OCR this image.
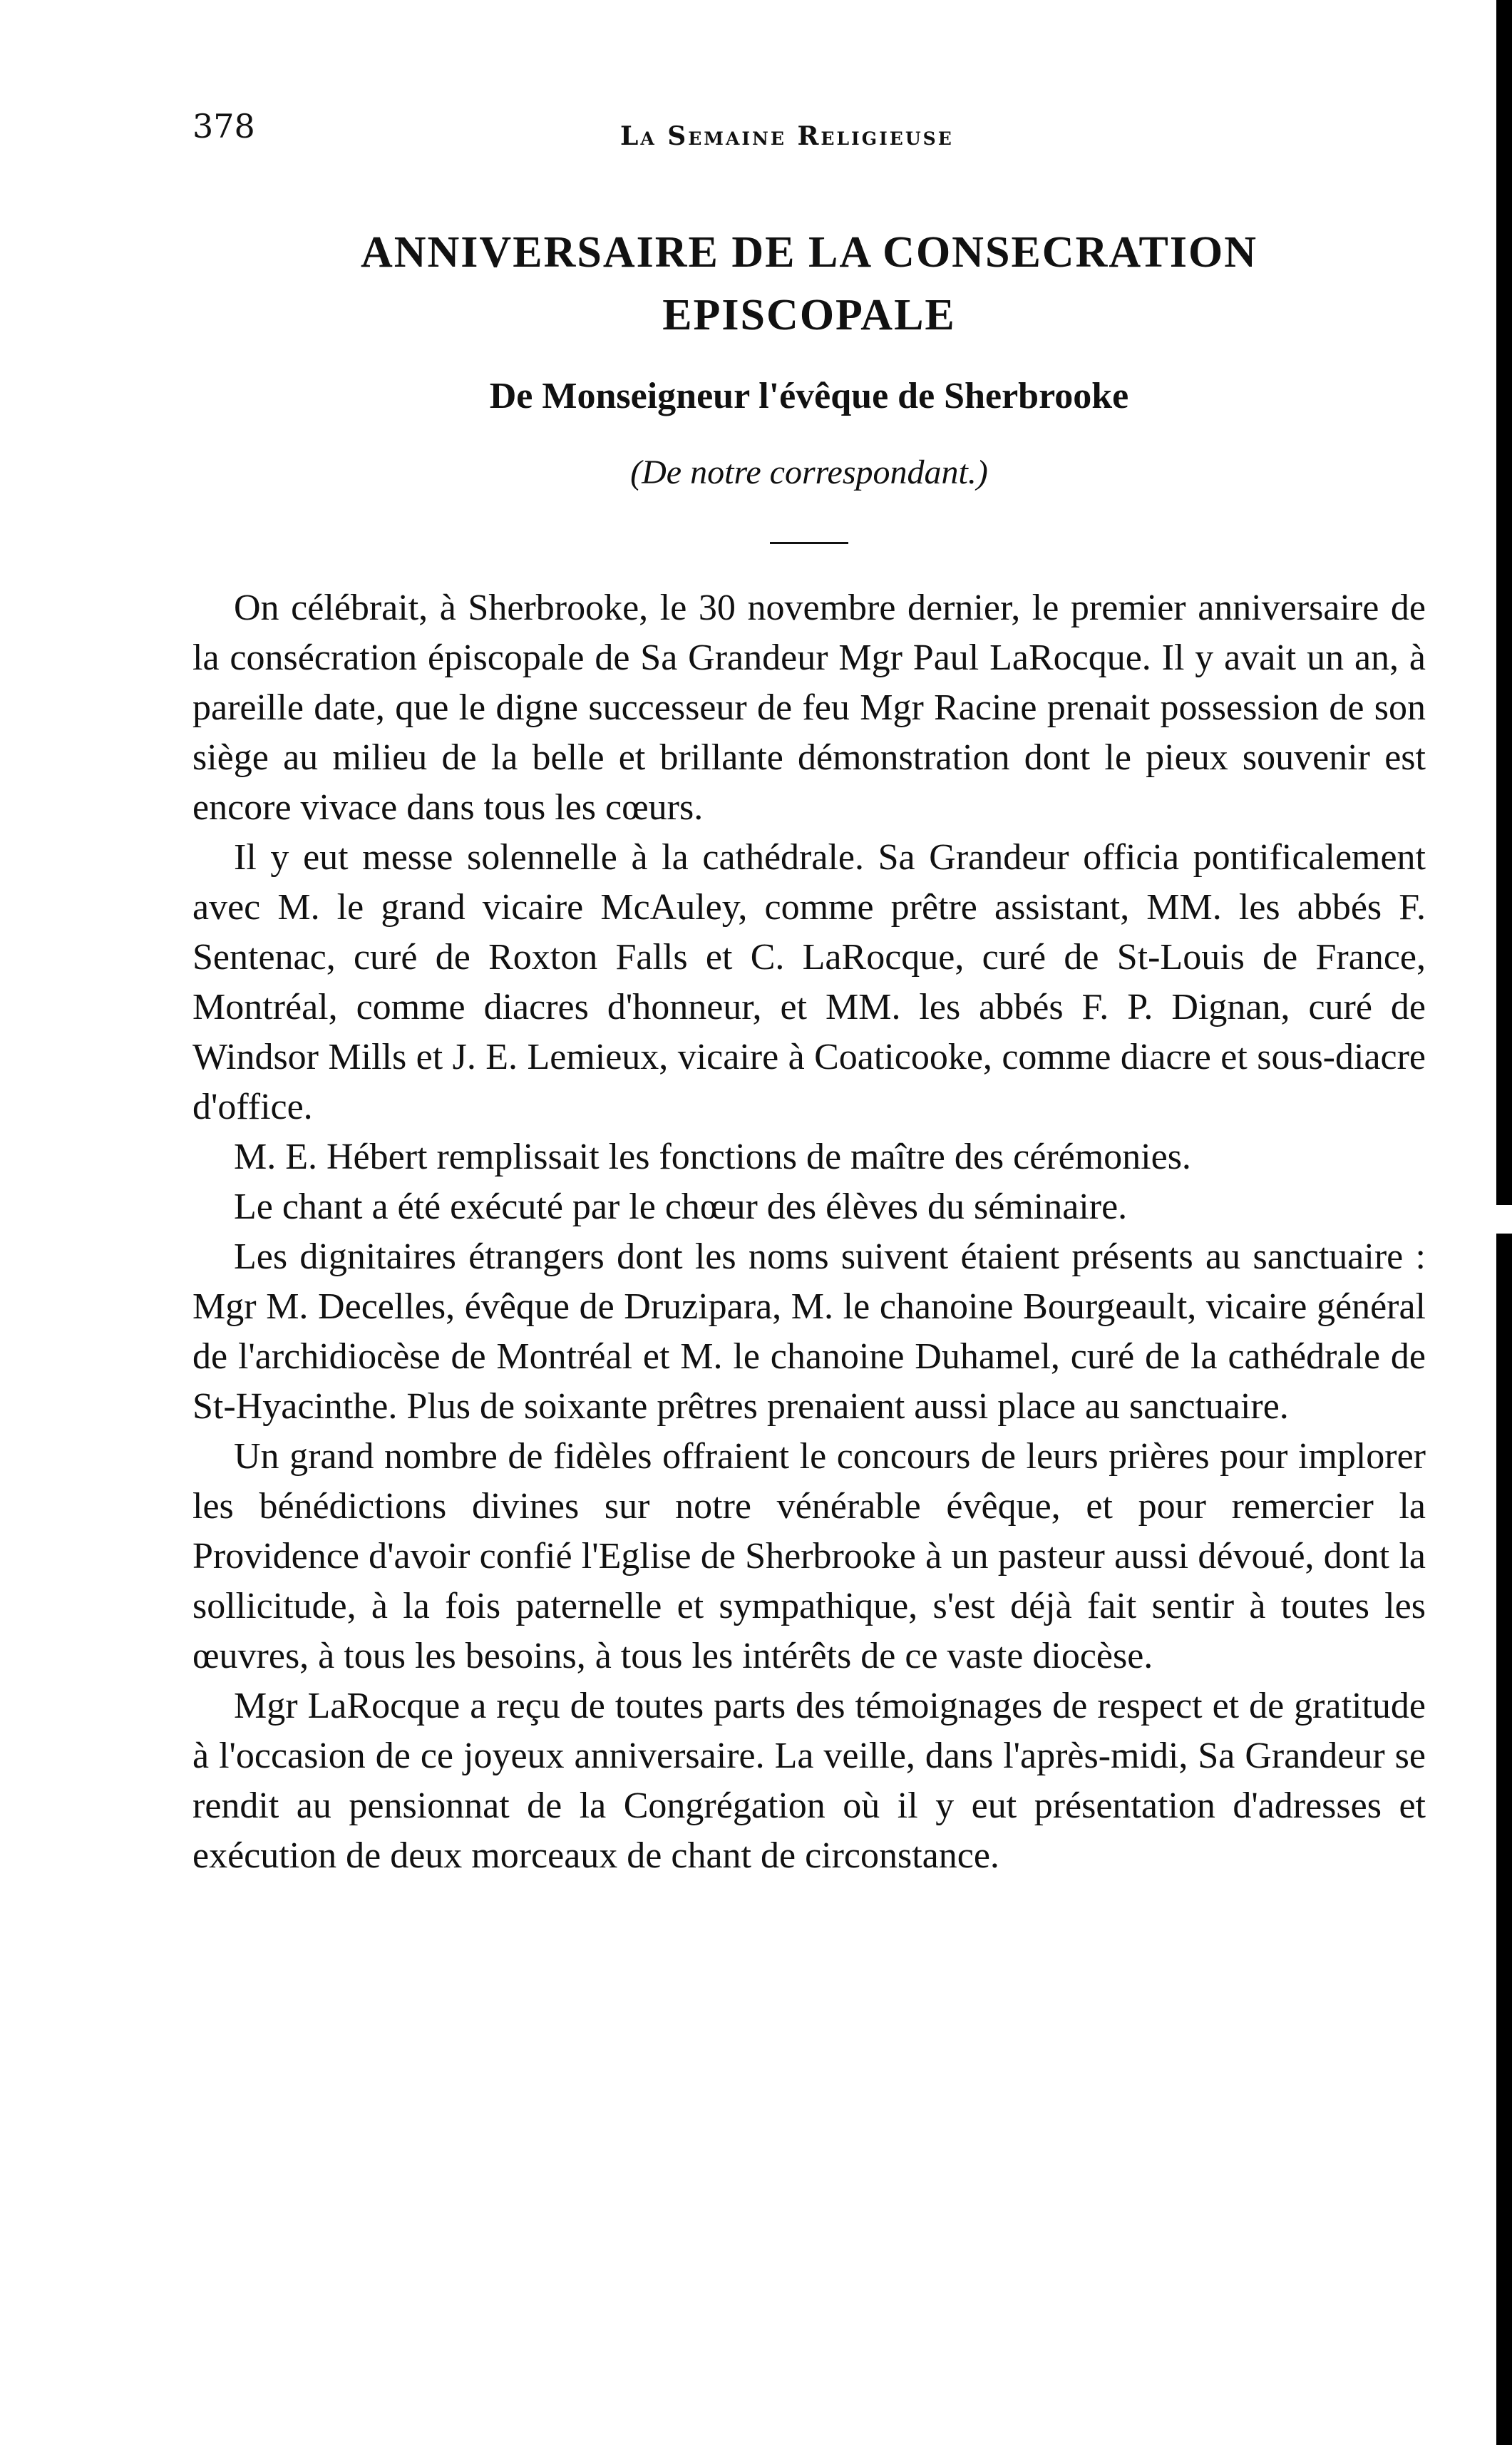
378	La Semaine Religieuse
ANNIVERSAIRE DE LA CONSECRATION
EPISCOPALE
De Monseigneur l'évêque de Sherbrooke
(De notre correspondant.)

On célébrait, à Sherbrooke, le 30 novembre dernier, le premier anniversaire de la consécration épiscopale de Sa Grandeur Mgr Paul LaRocque. Il y avait un an, à pareille date, que le digne successeur de feu Mgr Racine prenait possession de son siège au milieu de la belle et brillante démonstration dont le pieux souvenir est encore vivace dans tous les cœurs.

Il y eut messe solennelle à la cathédrale. Sa Grandeur officia pontificalement avec M. le grand vicaire McAuley, comme prêtre assistant, MM. les abbés F. Sentenac, curé de Roxton Falls et C. LaRocque, curé de St-Louis de France, Montréal, comme diacres d'honneur, et MM. les abbés F. P. Dignan, curé de Windsor Mills et J. E. Lemieux, vicaire à Coaticooke, comme diacre et sous-diacre d'office.

M. E. Hébert remplissait les fonctions de maître des cérémonies.

Le chant a été exécuté par le chœur des élèves du séminaire.

Les dignitaires étrangers dont les noms suivent étaient présents au sanctuaire : Mgr M. Decelles, évêque de Druzipara, M. le chanoine Bourgeault, vicaire général de l'archidiocèse de Montréal et M. le chanoine Duhamel, curé de la cathédrale de St-Hyacinthe. Plus de soixante prêtres prenaient aussi place au sanctuaire.

Un grand nombre de fidèles offraient le concours de leurs prières pour implorer les bénédictions divines sur notre vénérable évêque, et pour remercier la Providence d'avoir confié l'Eglise de Sherbrooke à un pasteur aussi dévoué, dont la sollicitude, à la fois paternelle et sympathique, s'est déjà fait sentir à toutes les œuvres, à tous les besoins, à tous les intérêts de ce vaste diocèse.

Mgr LaRocque a reçu de toutes parts des témoignages de respect et de gratitude à l'occasion de ce joyeux anniversaire. La veille, dans l'après-midi, Sa Grandeur se rendit au pensionnat de la Congrégation où il y eut présentation d'adresses et exécution de deux morceaux de chant de circonstance.
